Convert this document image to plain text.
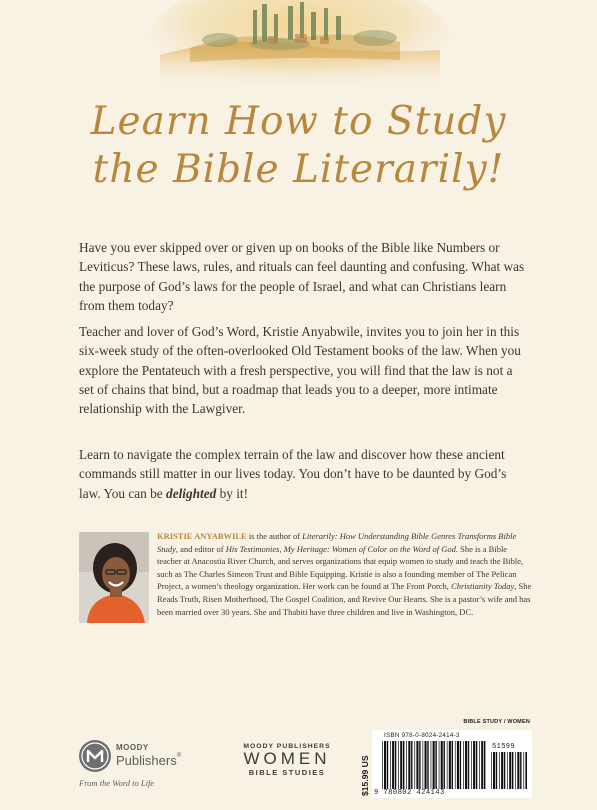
Learn How to Study
the Bible Literarily!
Have you ever skipped over or given up on books of the Bible like Numbers or Leviticus? These laws, rules, and rituals can feel daunting and confusing. What was the purpose of God’s laws for the people of Israel, and what can Christians learn from them today?
Teacher and lover of God’s Word, Kristie Anyabwile, invites you to join her in this six-week study of the often-overlooked Old Testament books of the law. When you explore the Pentateuch with a fresh perspective, you will find that the law is not a set of chains that bind, but a roadmap that leads you to a deeper, more intimate relationship with the Lawgiver.
Learn to navigate the complex terrain of the law and discover how these ancient commands still matter in our lives today. You don’t have to be daunted by God’s law. You can be delighted by it!
KRISTIE ANYABWILE is the author of Literarily: How Understanding Bible Genres Transforms Bible Study, and editor of His Testimonies, My Heritage: Women of Color on the Word of God. She is a Bible teacher at Anacostia River Church, and serves organizations that equip women to study and teach the Bible, such as The Charles Simeon Trust and Bible Equipping. Kristie is also a founding member of The Pelican Project, a women’s theology organization. Her work can be found at The Front Porch, Christianity Today, She Reads Truth, Risen Motherhood, The Gospel Coalition, and Revive Our Hearts. She is a pastor’s wife and has been married over 30 years. She and Thabiti have three children and live in Washington, DC.
BIBLE STUDY / WOMEN
MOODY
Publishers®
From the Word to Life
MOODY PUBLISHERS
WOMEN
BIBLE STUDIES	$15.99 US
ISBN 978-0-8024-2414-3
51599
9 780802 424143
